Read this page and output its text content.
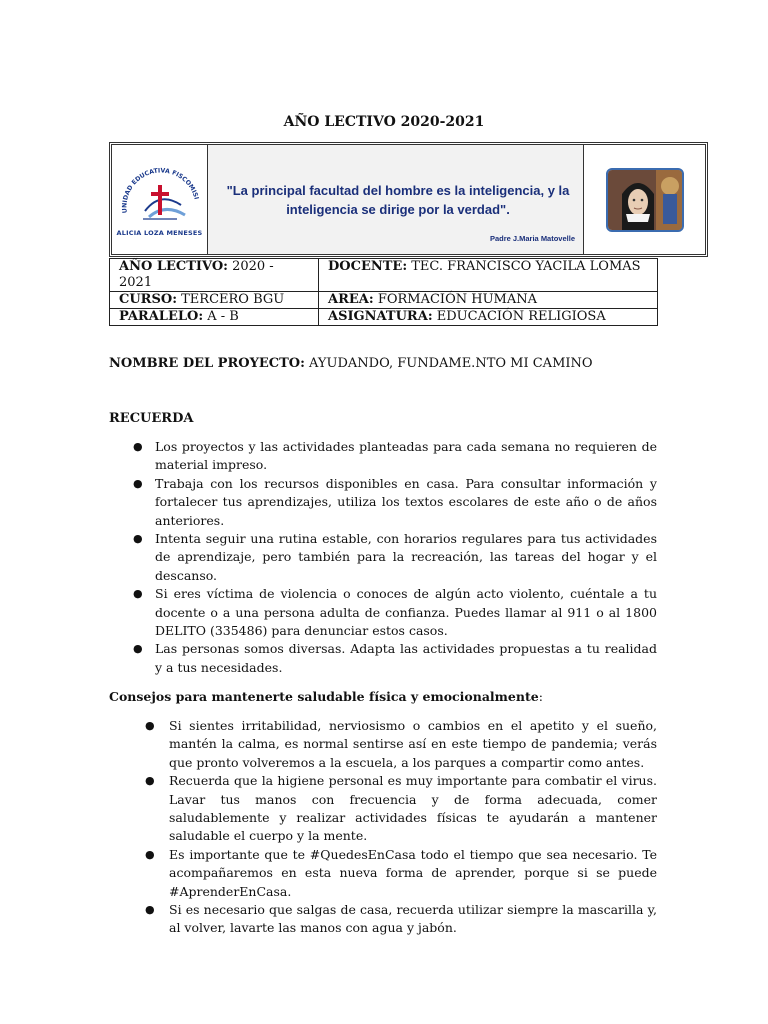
AÑO LECTIVO 2020-2021
UNIDAD EDUCATIVA FISCOMISI
ALICIA LOZA MENESES
"La principal facultad del hombre es la inteligencia, y la
inteligencia se dirige por la verdad".
Padre J.Maria Matovelle
AÑO LECTIVO: 2020 - 2021	DOCENTE: TEC. FRANCISCO YACILA LOMAS
CURSO: TERCERO BGU	AREA: FORMACIÓN HUMANA
PARALELO: A - B	ASIGNATURA: EDUCACIÓN RELIGIOSA
NOMBRE DEL PROYECTO: AYUDANDO, FUNDAME.NTO MI CAMINO
RECUERDA
● Los proyectos y las actividades planteadas para cada semana no requieren de material impreso.
● Trabaja con los recursos disponibles en casa. Para consultar información y fortalecer tus aprendizajes, utiliza los textos escolares de este año o de años anteriores.
● Intenta seguir una rutina estable, con horarios regulares para tus actividades de aprendizaje, pero también para la recreación, las tareas del hogar y el descanso.
● Si eres víctima de violencia o conoces de algún acto violento, cuéntale a tu docente o a una persona adulta de confianza. Puedes llamar al 911 o al 1800 DELITO (335486) para denunciar estos casos.
● Las personas somos diversas. Adapta las actividades propuestas a tu realidad y a tus necesidades.
Consejos para mantenerte saludable física y emocionalmente:
● Si sientes irritabilidad, nerviosismo o cambios en el apetito y el sueño, mantén la calma, es normal sentirse así en este tiempo de pandemia; verás que pronto volveremos a la escuela, a los parques a compartir como antes.
● Recuerda que la higiene personal es muy importante para combatir el virus. Lavar tus manos con frecuencia y de forma adecuada, comer saludablemente y realizar actividades físicas te ayudarán a mantener saludable el cuerpo y la mente.
● Es importante que te #QuedesEnCasa todo el tiempo que sea necesario. Te acompañaremos en esta nueva forma de aprender, porque si se puede #AprenderEnCasa.
● Si es necesario que salgas de casa, recuerda utilizar siempre la mascarilla y, al volver, lavarte las manos con agua y jabón.
